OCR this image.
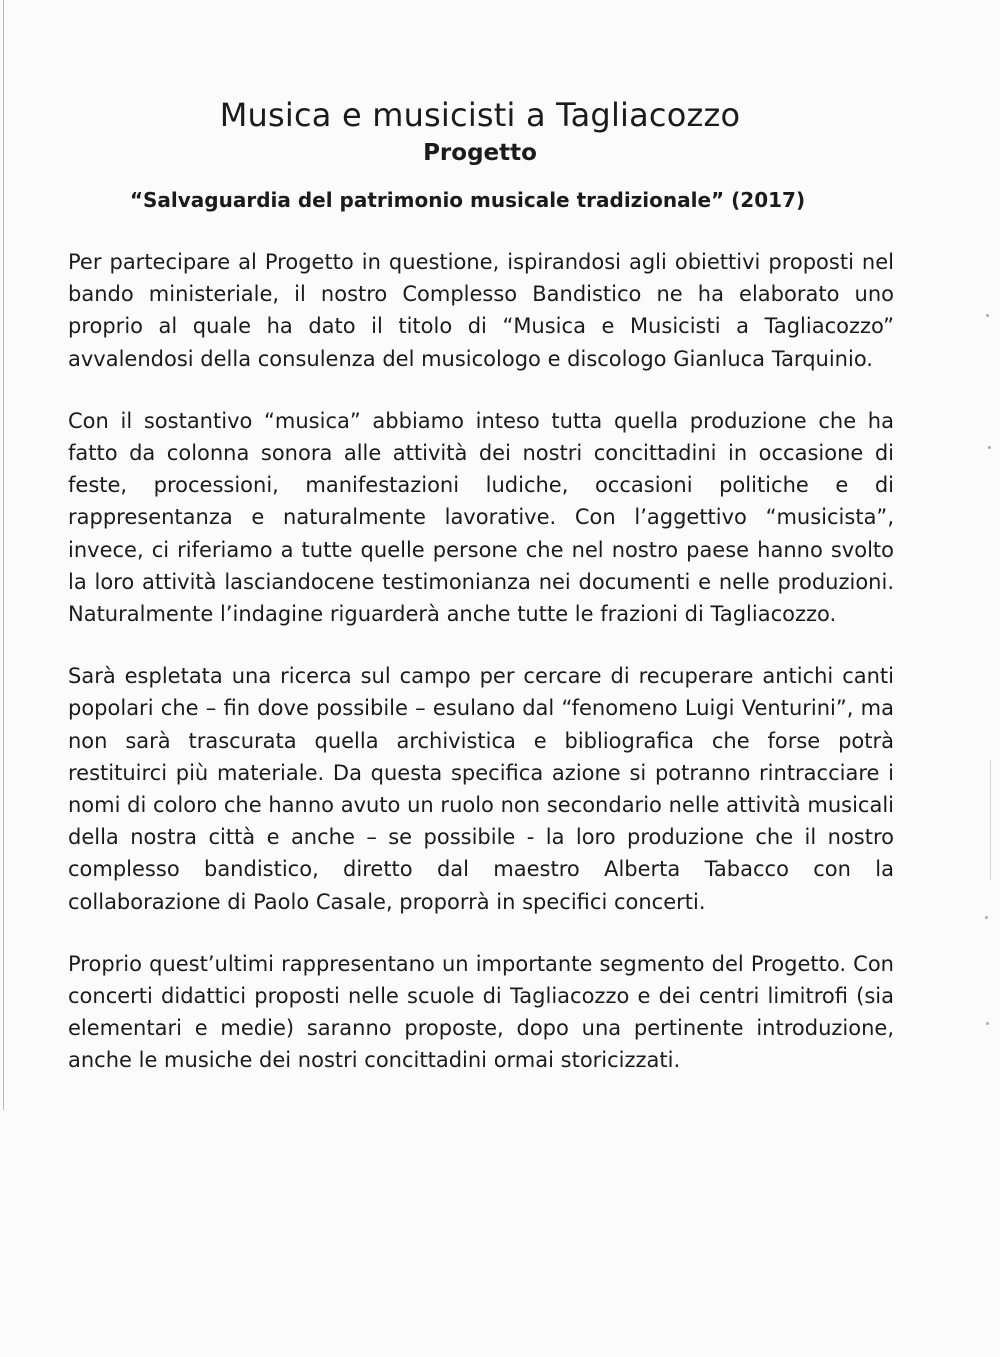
Musica e musicisti a Tagliacozzo
Progetto
“Salvaguardia del patrimonio musicale tradizionale” (2017)

Per partecipare al Progetto in questione, ispirandosi agli obiettivi proposti nel bando ministeriale, il nostro Complesso Bandistico ne ha elaborato uno proprio al quale ha dato il titolo di “Musica e Musicisti a Tagliacozzo” avvalendosi della consulenza del musicologo e discologo Gianluca Tarquinio.

Con il sostantivo “musica” abbiamo inteso tutta quella produzione che ha fatto da colonna sonora alle attività dei nostri concittadini in occasione di feste, processioni, manifestazioni ludiche, occasioni politiche e di rappresentanza e naturalmente lavorative. Con l’aggettivo “musicista”, invece, ci riferiamo a tutte quelle persone che nel nostro paese hanno svolto la loro attività lasciandocene testimonianza nei documenti e nelle produzioni. Naturalmente l’indagine riguarderà anche tutte le frazioni di Tagliacozzo.

Sarà espletata una ricerca sul campo per cercare di recuperare antichi canti popolari che – fin dove possibile – esulano dal “fenomeno Luigi Venturini”, ma non sarà trascurata quella archivistica e bibliografica che forse potrà restituirci più materiale. Da questa specifica azione si potranno rintracciare i nomi di coloro che hanno avuto un ruolo non secondario nelle attività musicali della nostra città e anche – se possibile - la loro produzione che il nostro complesso bandistico, diretto dal maestro Alberta Tabacco con la collaborazione di Paolo Casale, proporrà in specifici concerti.

Proprio quest’ultimi rappresentano un importante segmento del Progetto. Con concerti didattici proposti nelle scuole di Tagliacozzo e dei centri limitrofi (sia elementari e medie) saranno proposte, dopo una pertinente introduzione, anche le musiche dei nostri concittadini ormai storicizzati.
